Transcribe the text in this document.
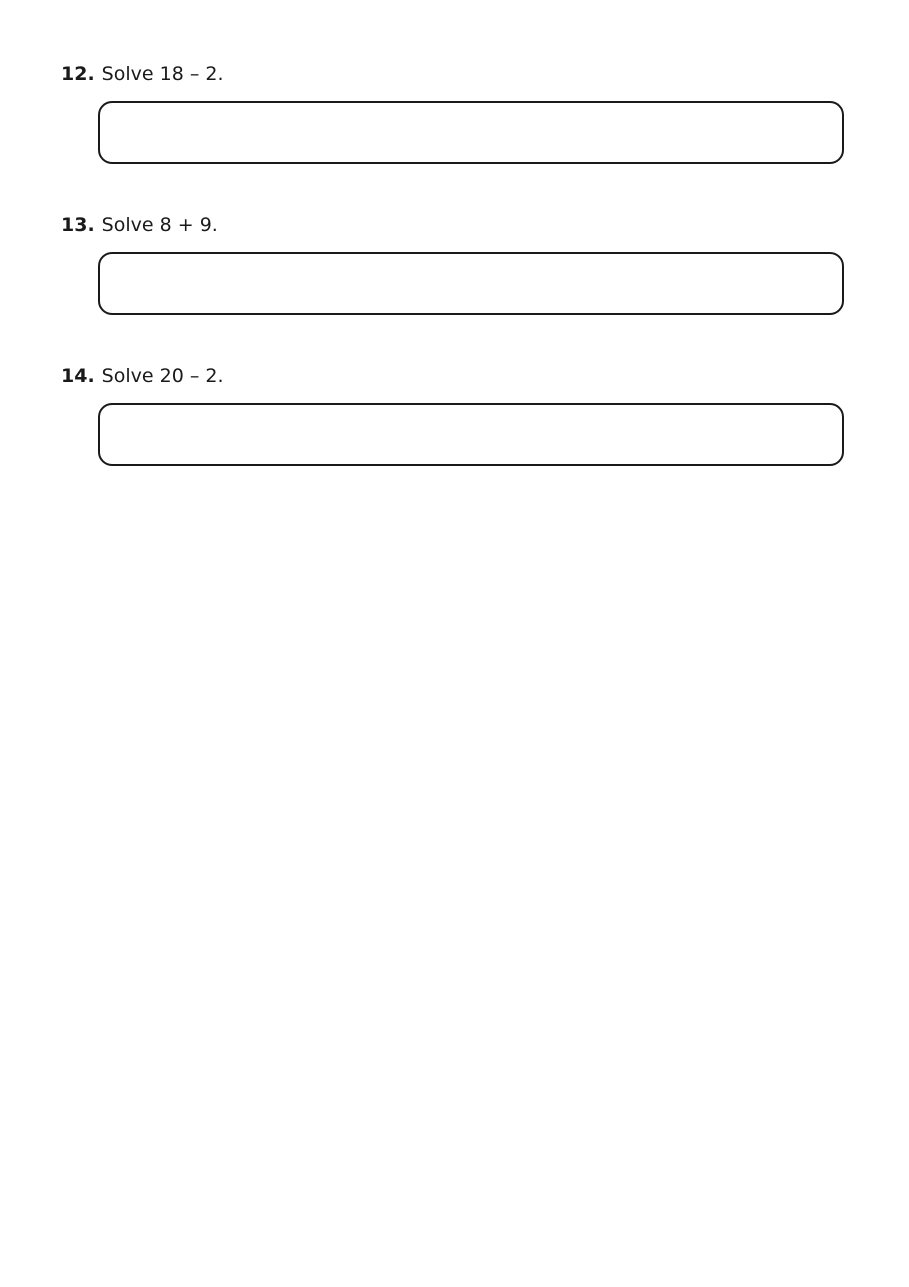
12. Solve 18 – 2.
13. Solve 8 + 9.
14. Solve 20 – 2.
